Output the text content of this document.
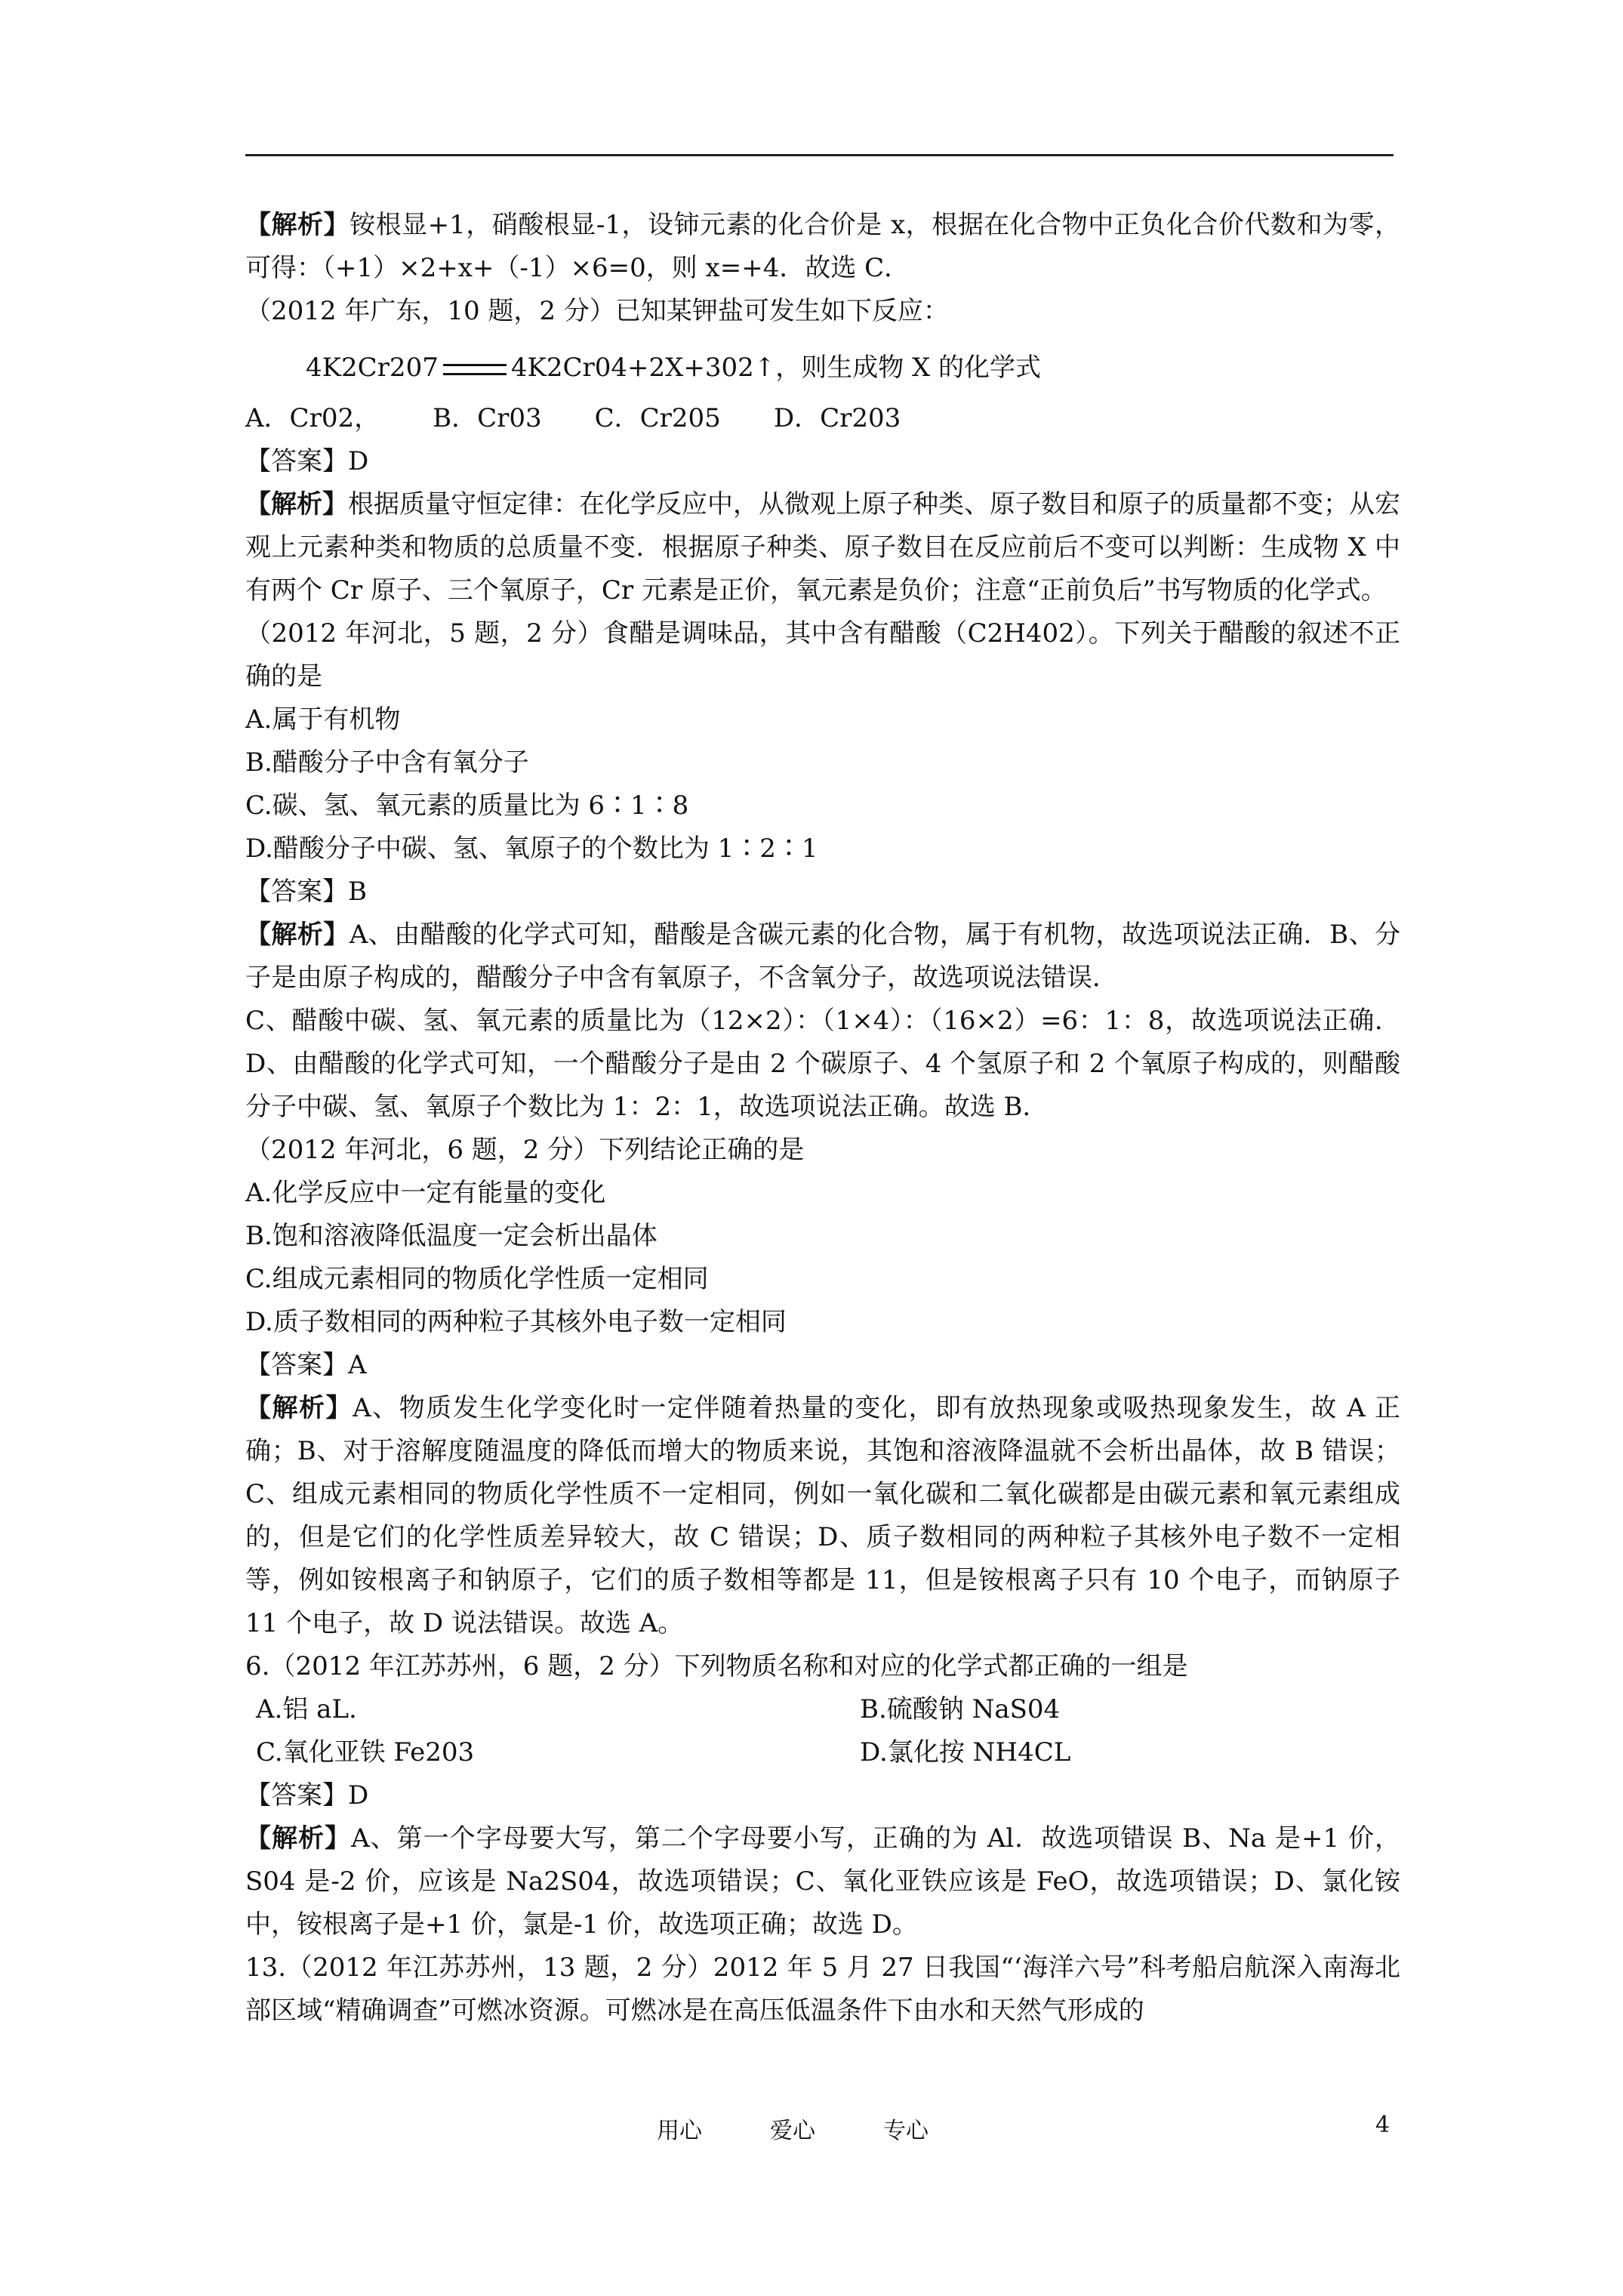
【解析】铵根显+1，硝酸根显-1，设铈元素的化合价是 x，根据在化合物中正负化合价代数和为零，可得：（+1）×2+x+（-1）×6=0，则 x=+4．故选 C．

（2012 年广东，10 题，2 分）已知某钾盐可发生如下反应：

4K2Cr207	4K2Cr04+2X+302↑，则生成物 X 的化学式

A．Cr02， B．Cr03 C．Cr205 D．Cr203

【答案】D

【解析】根据质量守恒定律：在化学反应中，从微观上原子种类、原子数目和原子的质量都不变；从宏观上元素种类和物质的总质量不变．根据原子种类、原子数目在反应前后不变可以判断：生成物 X 中有两个 Cr 原子、三个氧原子，Cr 元素是正价，氧元素是负价；注意“正前负后”书写物质的化学式。

（2012 年河北，5 题，2 分）食醋是调味品，其中含有醋酸（C2H402）。下列关于醋酸的叙述不正确的是

A.属于有机物

B.醋酸分子中含有氧分子

C.碳、氢、氧元素的质量比为 6∶1∶8

D.醋酸分子中碳、氢、氧原子的个数比为 1∶2∶1

【答案】B

【解析】A、由醋酸的化学式可知，醋酸是含碳元素的化合物，属于有机物，故选项说法正确．B、分子是由原子构成的，醋酸分子中含有氧原子，不含氧分子，故选项说法错误．

C、醋酸中碳、氢、氧元素的质量比为（12×2）：（1×4）：（16×2）=6：1：8，故选项说法正确．D、由醋酸的化学式可知，一个醋酸分子是由 2 个碳原子、4 个氢原子和 2 个氧原子构成的，则醋酸分子中碳、氢、氧原子个数比为 1：2：1，故选项说法正确。故选 B．

（2012 年河北，6 题，2 分）下列结论正确的是

A.化学反应中一定有能量的变化

B.饱和溶液降低温度一定会析出晶体

C.组成元素相同的物质化学性质一定相同

D.质子数相同的两种粒子其核外电子数一定相同

【答案】A

【解析】A、物质发生化学变化时一定伴随着热量的变化，即有放热现象或吸热现象发生，故 A 正确；B、对于溶解度随温度的降低而增大的物质来说，其饱和溶液降温就不会析出晶体，故 B 错误；C、组成元素相同的物质化学性质不一定相同，例如一氧化碳和二氧化碳都是由碳元素和氧元素组成的，但是它们的化学性质差异较大，故 C 错误；D、质子数相同的两种粒子其核外电子数不一定相等，例如铵根离子和钠原子，它们的质子数相等都是 11，但是铵根离子只有 10 个电子，而钠原子 11 个电子，故 D 说法错误。故选 A。

6.（2012 年江苏苏州，6 题，2 分）下列物质名称和对应的化学式都正确的一组是

A.铝 aL.	B.硫酸钠 NaS04
C.氧化亚铁 Fe203	D.氯化按 NH4CL

【答案】D

【解析】A、第一个字母要大写，第二个字母要小写，正确的为 Al．故选项错误 B、Na 是+1 价，S04 是-2 价，应该是 Na2S04，故选项错误；C、氧化亚铁应该是 FeO，故选项错误；D、氯化铵中，铵根离子是+1 价，氯是-1 价，故选项正确；故选 D。

13.（2012 年江苏苏州，13 题，2 分）2012 年 5 月 27 日我国“‘海洋六号”科考船启航深入南海北部区域“精确调查”可燃冰资源。可燃冰是在高压低温条件下由水和天然气形成的

用心	爱心	专心	4
